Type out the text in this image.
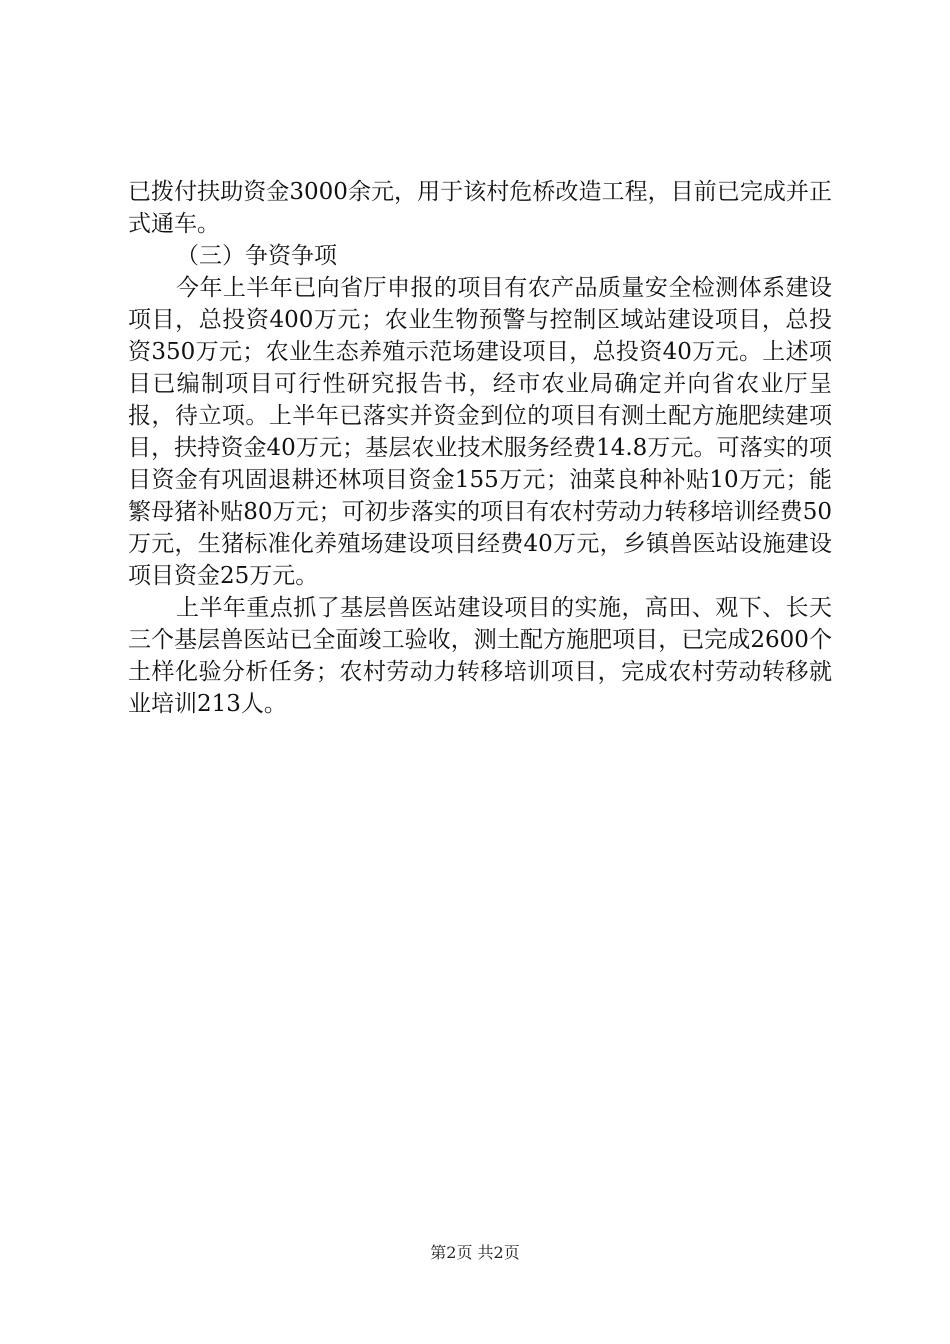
已拨付扶助资金3000余元，用于该村危桥改造工程，目前已完成并正式通车。

（三）争资争项

今年上半年已向省厅申报的项目有农产品质量安全检测体系建设项目，总投资400万元；农业生物预警与控制区域站建设项目，总投资350万元；农业生态养殖示范场建设项目，总投资40万元。上述项目已编制项目可行性研究报告书，经市农业局确定并向省农业厅呈报，待立项。上半年已落实并资金到位的项目有测土配方施肥续建项目，扶持资金40万元；基层农业技术服务经费14.8万元。可落实的项目资金有巩固退耕还林项目资金155万元；油菜良种补贴10万元；能繁母猪补贴80万元；可初步落实的项目有农村劳动力转移培训经费50万元，生猪标准化养殖场建设项目经费40万元，乡镇兽医站设施建设项目资金25万元。

上半年重点抓了基层兽医站建设项目的实施，高田、观下、长天三个基层兽医站已全面竣工验收，测土配方施肥项目，已完成2600个土样化验分析任务；农村劳动力转移培训项目，完成农村劳动转移就业培训213人。

第2页 共2页
